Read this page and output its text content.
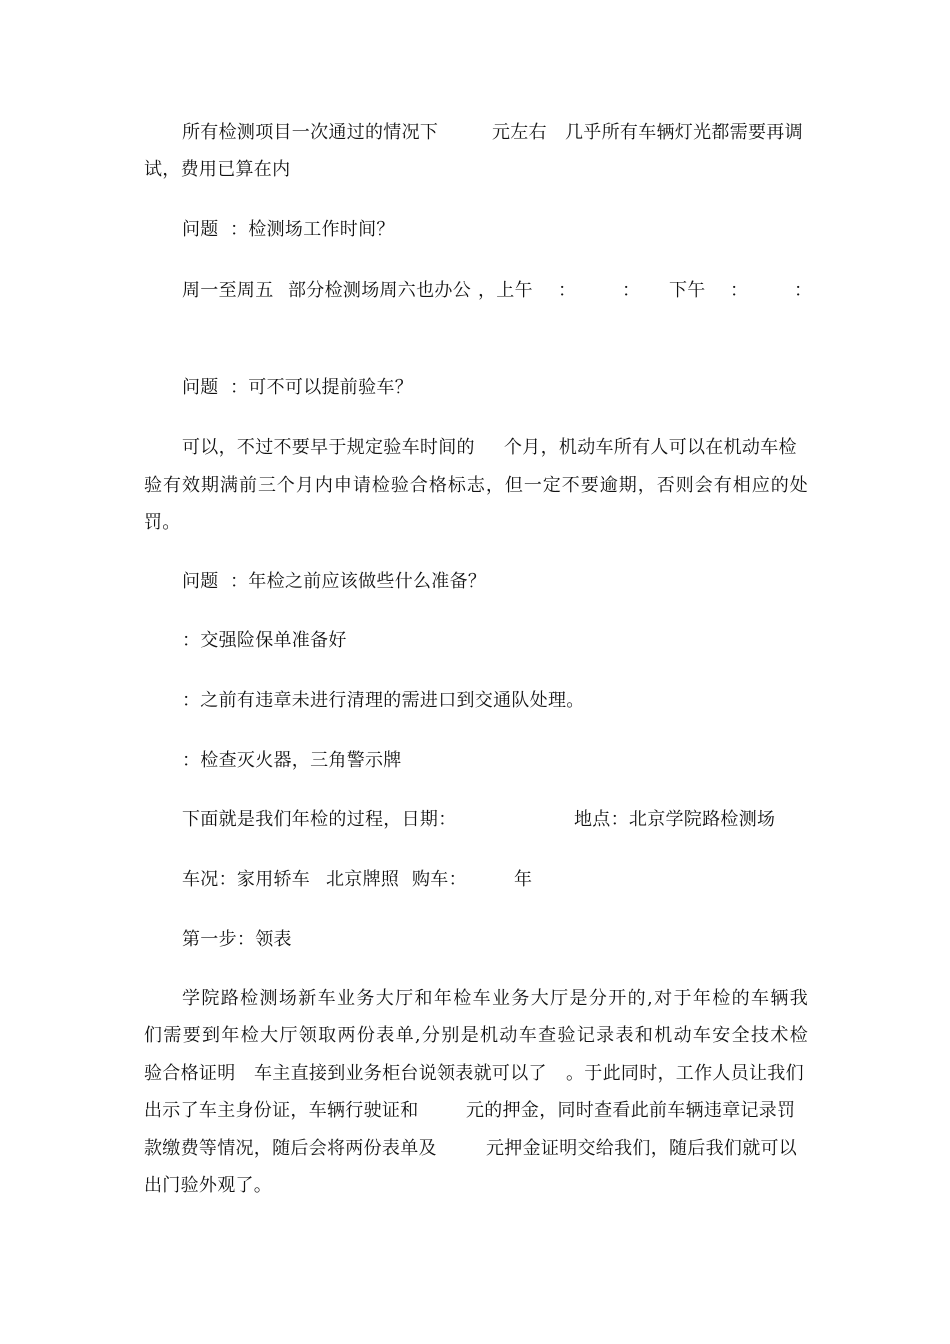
所有检测项目一次通过的情况下	元左右 几乎所有车辆灯光都需要再调
试，费用已算在内
问题 ：检测场工作时间？
周一至周五 部分检测场周六也办公 ，上午 ：	： 下午 ：	：
问题 ：可不可以提前验车？
可以，不过不要早于规定验车时间的 个月，机动车所有人可以在机动车检
验有效期满前三个月内申请检验合格标志，但一定不要逾期，否则会有相应的处
罚。
问题 ：年检之前应该做些什么准备？
：交强险保单准备好
：之前有违章未进行清理的需进口到交通队处理。
：检查灭火器，三角警示牌
下面就是我们年检的过程，日期：	地点：北京学院路检测场
车况：家用轿车 北京牌照 购车：	年
第一步：领表
学院路检测场新车业务大厅和年检车业务大厅是分开的,对于年检的车辆我
们需要到年检大厅领取两份表单,分别是机动车查验记录表和机动车安全技术检
验合格证明 车主直接到业务柜台说领表就可以了 。于此同时，工作人员让我们
出示了车主身份证，车辆行驶证和	元的押金，同时查看此前车辆违章记录罚
款缴费等情况，随后会将两份表单及	元押金证明交给我们，随后我们就可以
出门验外观了。
